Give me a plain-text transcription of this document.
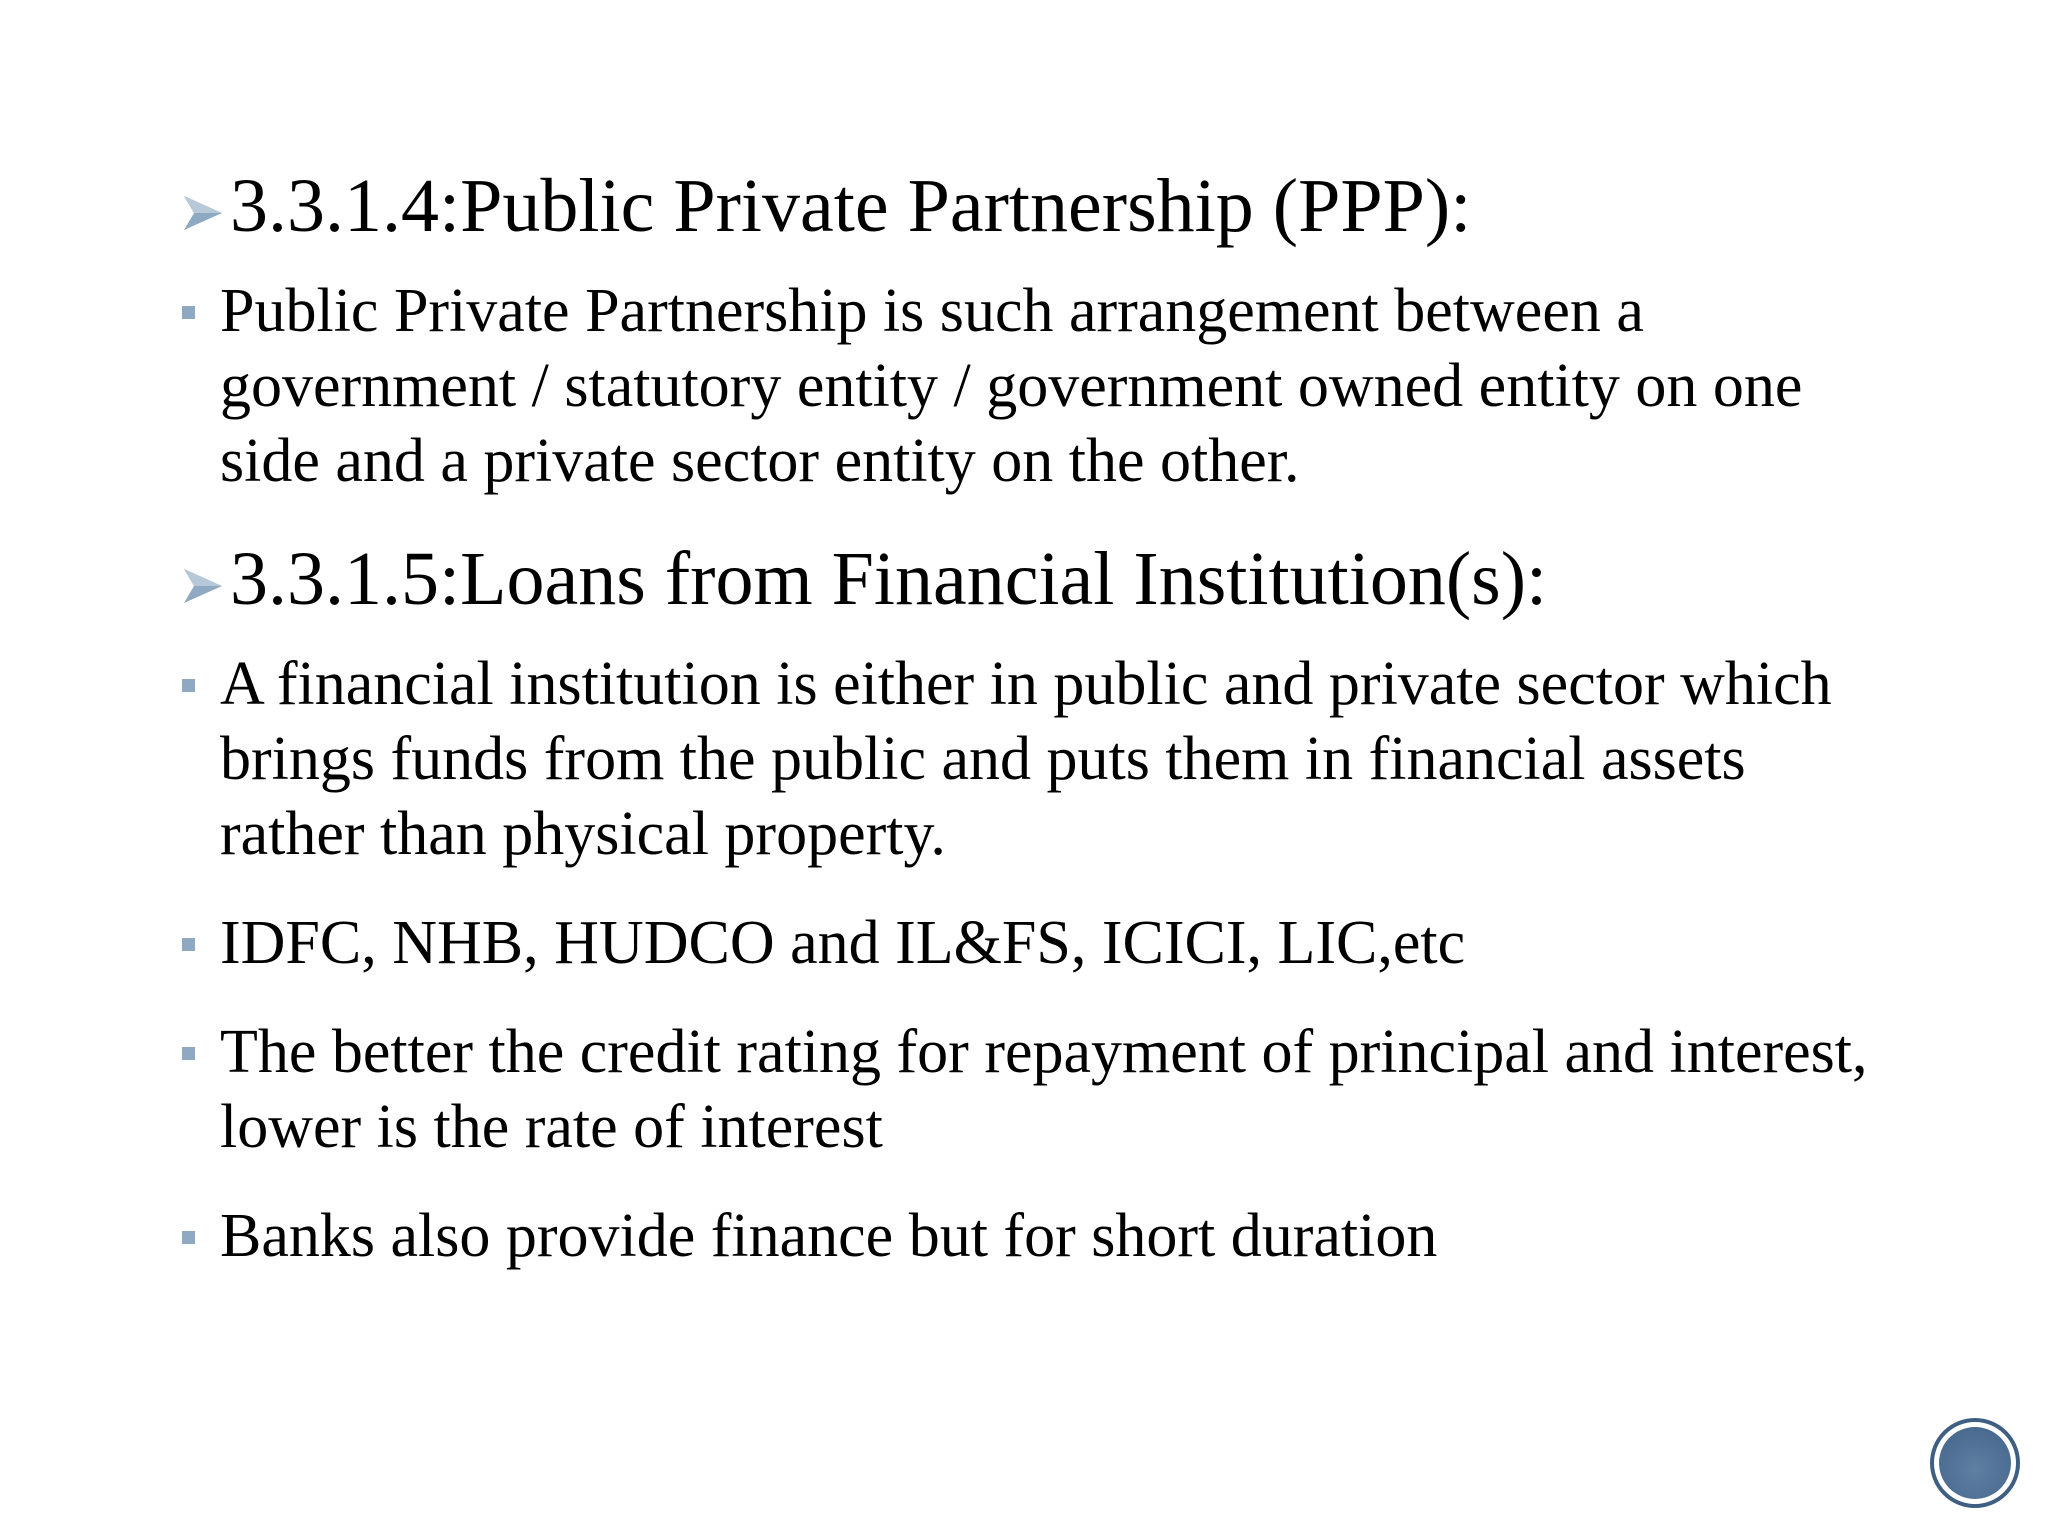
3.3.1.4:Public Private Partnership (PPP):
Public Private Partnership is such arrangement between a government / statutory entity / government owned entity on one side and a private sector entity on the other.
3.3.1.5:Loans from Financial Institution(s):
A financial institution is either in public and private sector which brings funds from the public and puts them in financial assets rather than physical property.
IDFC, NHB, HUDCO and IL&FS, ICICI, LIC,etc
The better the credit rating for repayment of principal and interest, lower is the rate of interest
Banks also provide finance but for short duration
